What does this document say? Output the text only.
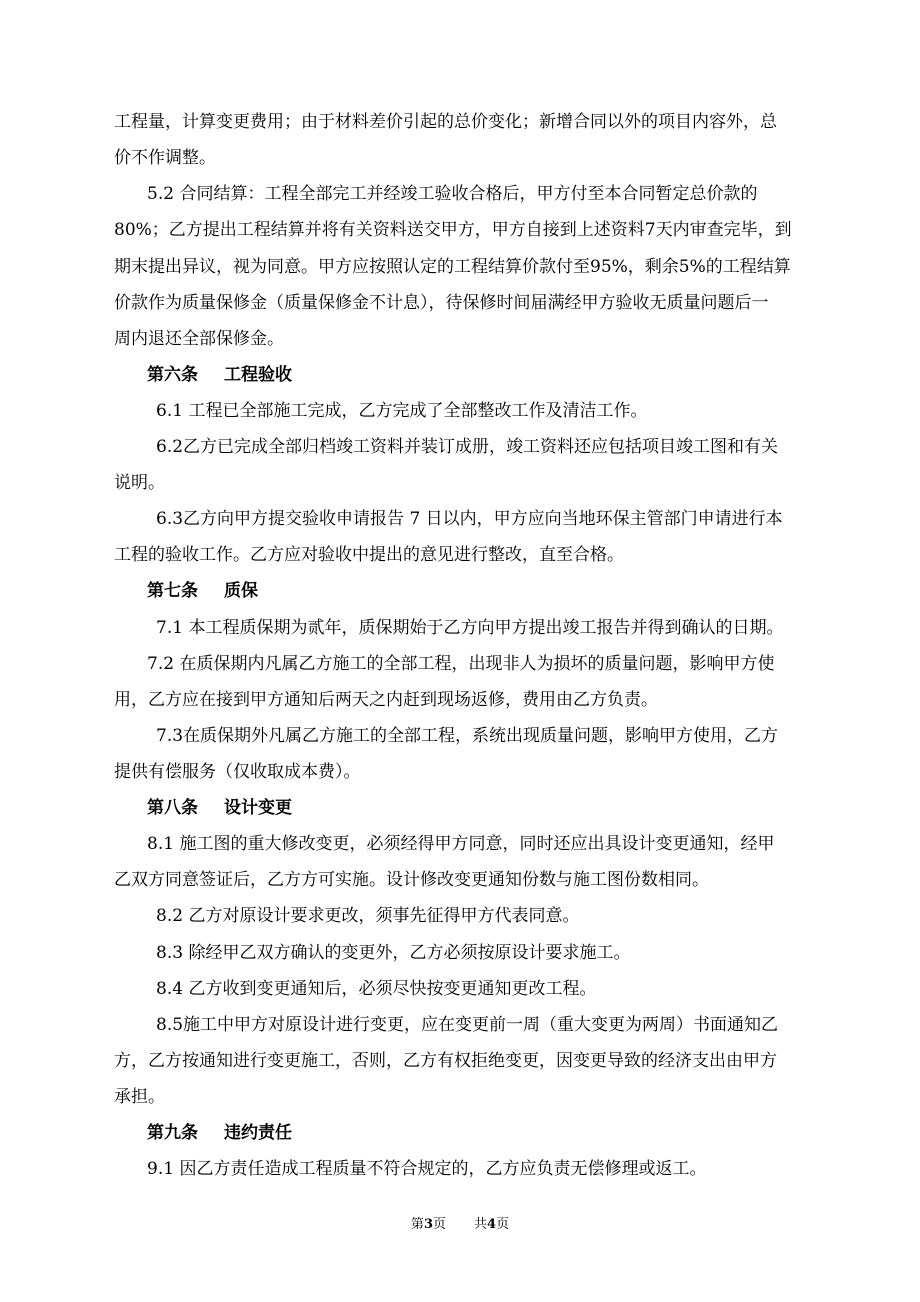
工程量，计算变更费用；由于材料差价引起的总价变化；新增合同以外的项目内容外，总

价不作调整。

5.2 合同结算：工程全部完工并经竣工验收合格后，甲方付至本合同暂定总价款的

80%；乙方提出工程结算并将有关资料送交甲方，甲方自接到上述资料7天内审查完毕，到

期末提出异议，视为同意。甲方应按照认定的工程结算价款付至95%，剩余5%的工程结算

价款作为质量保修金（质量保修金不计息），待保修时间届满经甲方验收无质量问题后一

周内退还全部保修金。

第六条 工程验收

6.1 工程已全部施工完成，乙方完成了全部整改工作及清洁工作。

6.2乙方已完成全部归档竣工资料并装订成册，竣工资料还应包括项目竣工图和有关

说明。

6.3乙方向甲方提交验收申请报告 7 日以内，甲方应向当地环保主管部门申请进行本

工程的验收工作。乙方应对验收中提出的意见进行整改，直至合格。

第七条 质保

7.1 本工程质保期为贰年，质保期始于乙方向甲方提出竣工报告并得到确认的日期。

7.2 在质保期内凡属乙方施工的全部工程，出现非人为损坏的质量问题，影响甲方使

用，乙方应在接到甲方通知后两天之内赶到现场返修，费用由乙方负责。

7.3在质保期外凡属乙方施工的全部工程，系统出现质量问题，影响甲方使用，乙方

提供有偿服务（仅收取成本费）。

第八条 设计变更

8.1 施工图的重大修改变更，必须经得甲方同意，同时还应出具设计变更通知，经甲

乙双方同意签证后，乙方方可实施。设计修改变更通知份数与施工图份数相同。

8.2 乙方对原设计要求更改，须事先征得甲方代表同意。

8.3 除经甲乙双方确认的变更外，乙方必须按原设计要求施工。

8.4 乙方收到变更通知后，必须尽快按变更通知更改工程。

8.5施工中甲方对原设计进行变更，应在变更前一周（重大变更为两周）书面通知乙

方，乙方按通知进行变更施工，否则，乙方有权拒绝变更，因变更导致的经济支出由甲方

承担。

第九条 违约责任

9.1 因乙方责任造成工程质量不符合规定的，乙方应负责无偿修理或返工。

第3页 共4页
